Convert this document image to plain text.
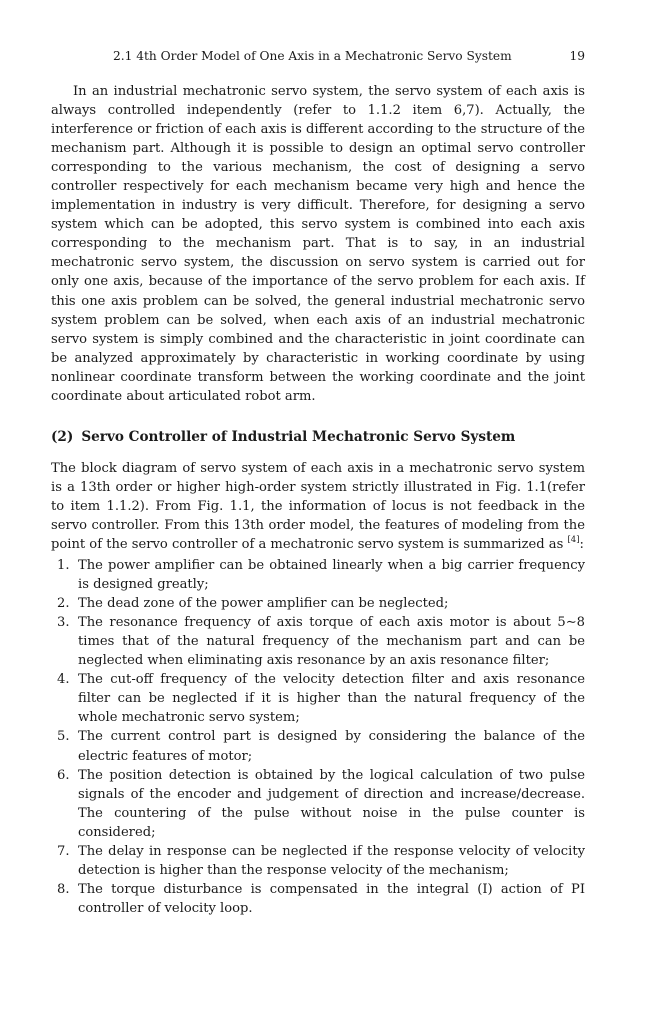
2.1 4th Order Model of One Axis in a Mechatronic Servo System	19

In an industrial mechatronic servo system, the servo system of each axis is always controlled independently (refer to 1.1.2 item 6,7). Actually, the interference or friction of each axis is different according to the structure of the mechanism part. Although it is possible to design an optimal servo controller corresponding to the various mechanism, the cost of designing a servo controller respectively for each mechanism became very high and hence the implementation in industry is very difficult. Therefore, for designing a servo system which can be adopted, this servo system is combined into each axis corresponding to the mechanism part. That is to say, in an industrial mechatronic servo system, the discussion on servo system is carried out for only one axis, because of the importance of the servo problem for each axis. If this one axis problem can be solved, the general industrial mechatronic servo system problem can be solved, when each axis of an industrial mechatronic servo system is simply combined and the characteristic in joint coordinate can be analyzed approximately by characteristic in working coordinate by using nonlinear coordinate transform between the working coordinate and the joint coordinate about articulated robot arm.

(2) Servo Controller of Industrial Mechatronic Servo System

The block diagram of servo system of each axis in a mechatronic servo system is a 13th order or higher high-order system strictly illustrated in Fig. 1.1(refer to item 1.1.2). From Fig. 1.1, the information of locus is not feedback in the servo controller. From this 13th order model, the features of modeling from the point of the servo controller of a mechatronic servo system is summarized as [4]:

1. The power amplifier can be obtained linearly when a big carrier frequency is designed greatly;
2. The dead zone of the power amplifier can be neglected;
3. The resonance frequency of axis torque of each axis motor is about 5∼8 times that of the natural frequency of the mechanism part and can be neglected when eliminating axis resonance by an axis resonance filter;
4. The cut-off frequency of the velocity detection filter and axis resonance filter can be neglected if it is higher than the natural frequency of the whole mechatronic servo system;
5. The current control part is designed by considering the balance of the electric features of motor;
6. The position detection is obtained by the logical calculation of two pulse signals of the encoder and judgement of direction and increase/decrease. The countering of the pulse without noise in the pulse counter is considered;
7. The delay in response can be neglected if the response velocity of velocity detection is higher than the response velocity of the mechanism;
8. The torque disturbance is compensated in the integral (I) action of PI controller of velocity loop.
